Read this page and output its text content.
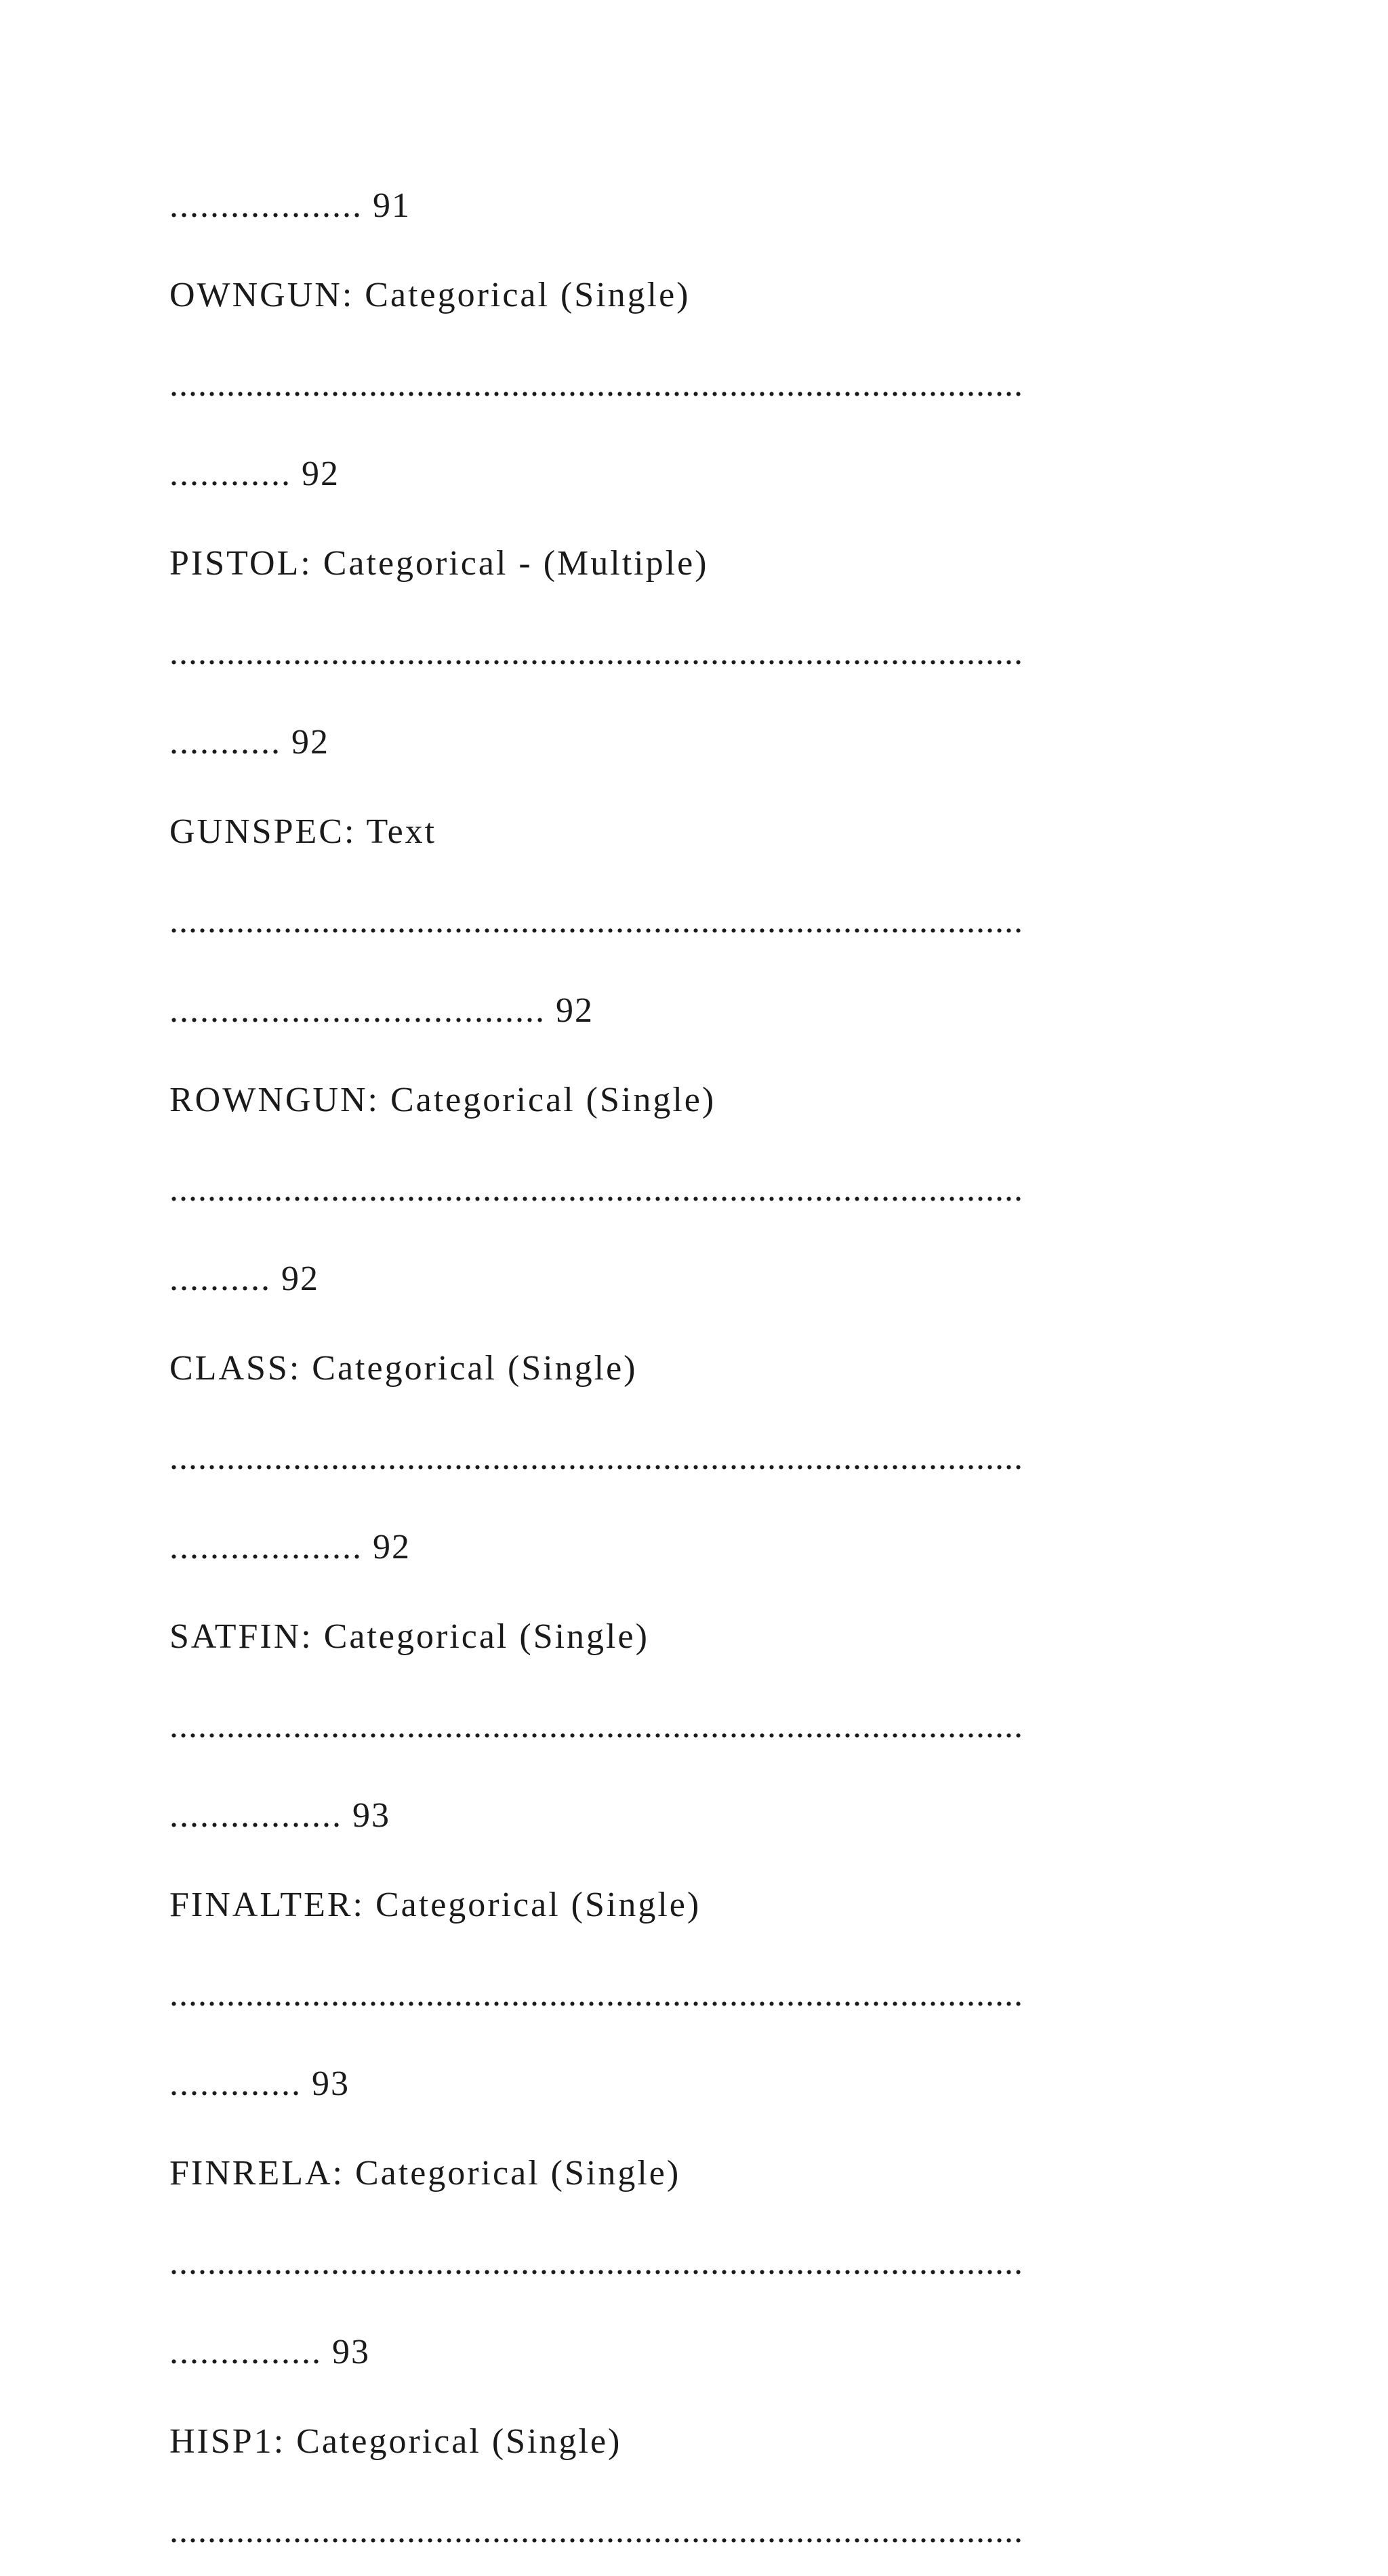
................... 91
OWNGUN: Categorical (Single)
..........................................................................................
............ 92
PISTOL: Categorical - (Multiple)
..........................................................................................
........... 92
GUNSPEC: Text
..........................................................................................
..................................... 92
ROWNGUN: Categorical (Single)
..........................................................................................
.......... 92
CLASS: Categorical (Single)
..........................................................................................
................... 92
SATFIN: Categorical (Single)
..........................................................................................
................. 93
FINALTER: Categorical (Single)
..........................................................................................
............. 93
FINRELA: Categorical (Single)
..........................................................................................
............... 93
HISP1: Categorical (Single)
..........................................................................................
